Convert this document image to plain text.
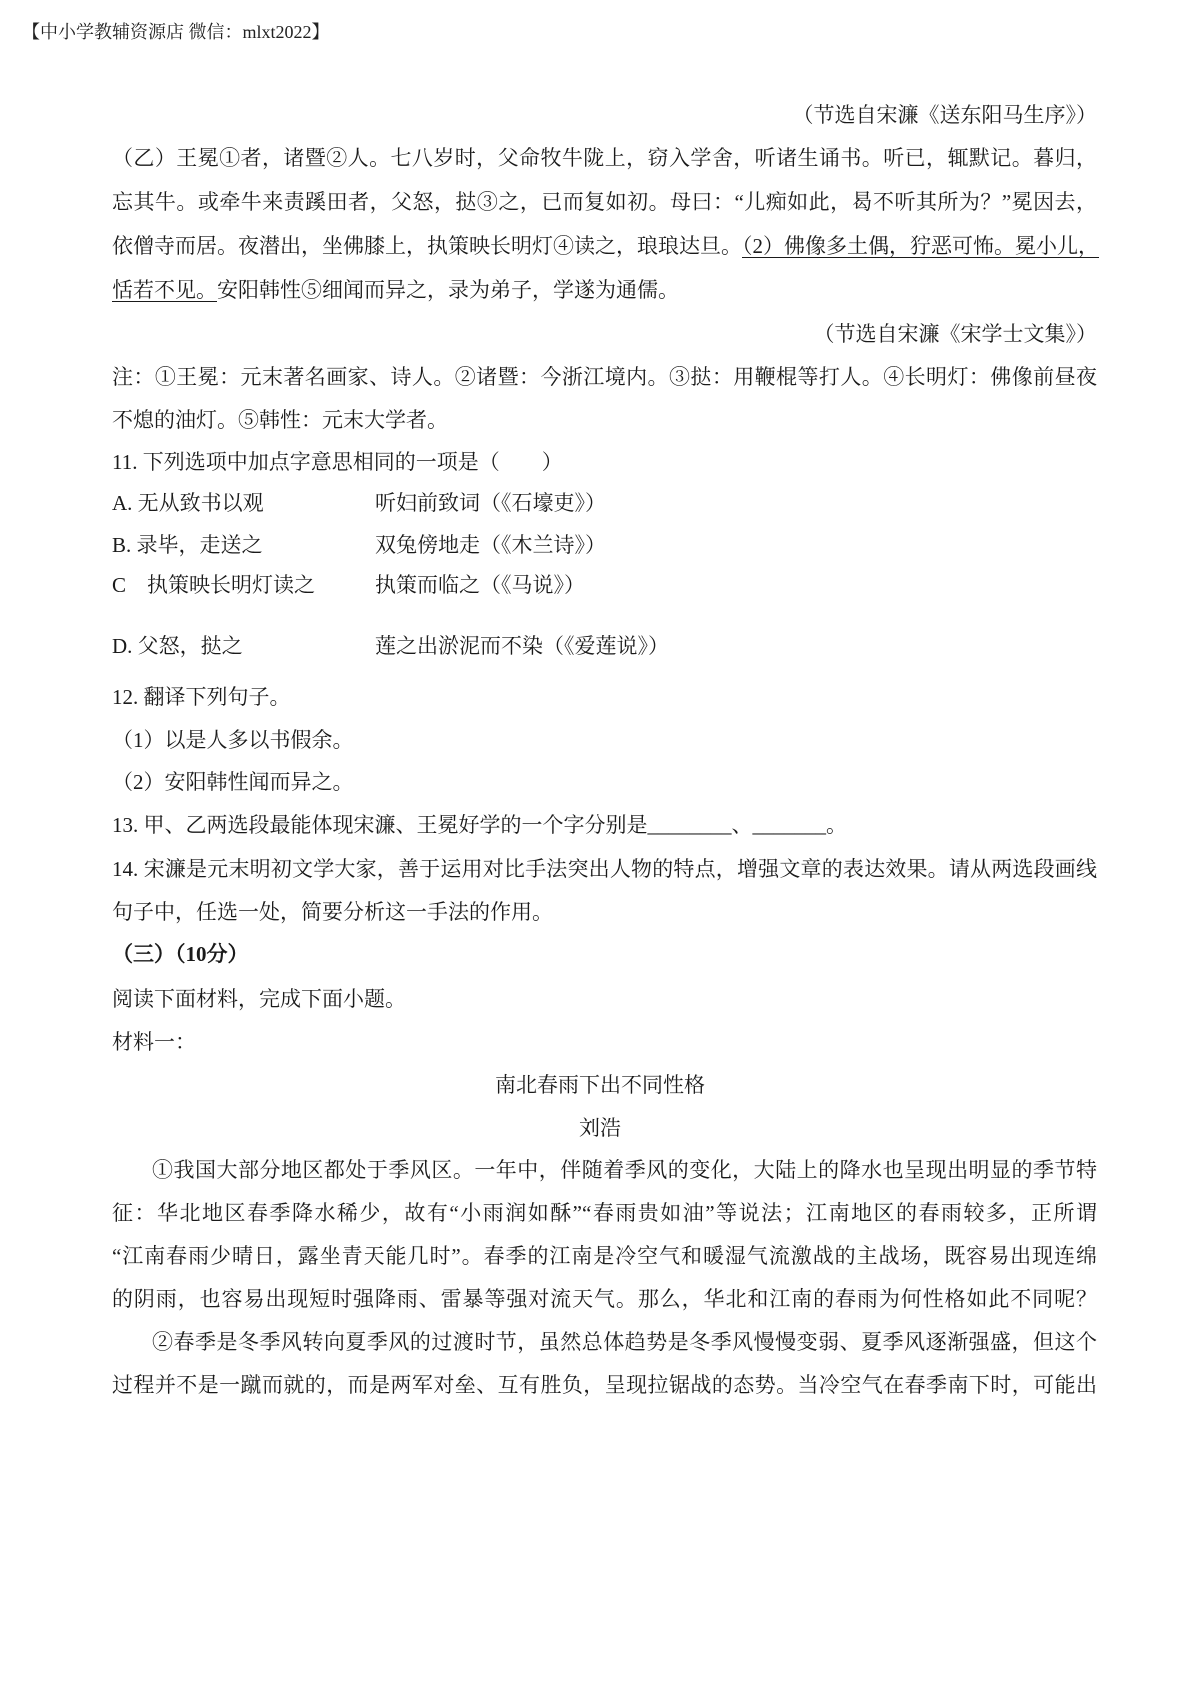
【中小学教辅资源店 微信：mlxt2022】
（节选自宋濂《送东阳马生序》）
（乙）王冕①者，诸暨②人。七八岁时，父命牧牛陇上，窃入学舍，听诸生诵书。听已，辄默记。暮归，
忘其牛。或牵牛来责蹊田者，父怒，挞③之，已而复如初。母曰：“儿痴如此，曷不听其所为？”冕因去，
依僧寺而居。夜潜出，坐佛膝上，执策映长明灯④读之，琅琅达旦。（2）佛像多土偶，狞恶可怖。冕小儿，
恬若不见。安阳韩性⑤细闻而异之，录为弟子，学遂为通儒。
（节选自宋濂《宋学士文集》）
注：①王冕：元末著名画家、诗人。②诸暨：今浙江境内。③挞：用鞭棍等打人。④长明灯：佛像前昼夜
不熄的油灯。⑤韩性：元末大学者。
11. 下列选项中加点字意思相同的一项是（　　）
A. 无从致书以观	听妇前致词（《石壕吏》）
B. 录毕，走送之	双兔傍地走（《木兰诗》）
C　执策映长明灯读之	执策而临之（《马说》）
D. 父怒，挞之	莲之出淤泥而不染（《爱莲说》）
12. 翻译下列句子。
（1）以是人多以书假余。
（2）安阳韩性闻而异之。
13. 甲、乙两选段最能体现宋濂、王冕好学的一个字分别是________、_______。
14. 宋濂是元末明初文学大家，善于运用对比手法突出人物的特点，增强文章的表达效果。请从两选段画线
句子中，任选一处，简要分析这一手法的作用。
（三）（10分）
阅读下面材料，完成下面小题。
材料一：
南北春雨下出不同性格
刘浩
①我国大部分地区都处于季风区。一年中，伴随着季风的变化，大陆上的降水也呈现出明显的季节特
征：华北地区春季降水稀少，故有“小雨润如酥”“春雨贵如油”等说法；江南地区的春雨较多，正所谓
“江南春雨少晴日，露坐青天能几时”。春季的江南是冷空气和暖湿气流激战的主战场，既容易出现连绵
的阴雨，也容易出现短时强降雨、雷暴等强对流天气。那么，华北和江南的春雨为何性格如此不同呢？
②春季是冬季风转向夏季风的过渡时节，虽然总体趋势是冬季风慢慢变弱、夏季风逐渐强盛，但这个
过程并不是一蹴而就的，而是两军对垒、互有胜负，呈现拉锯战的态势。当冷空气在春季南下时，可能出
